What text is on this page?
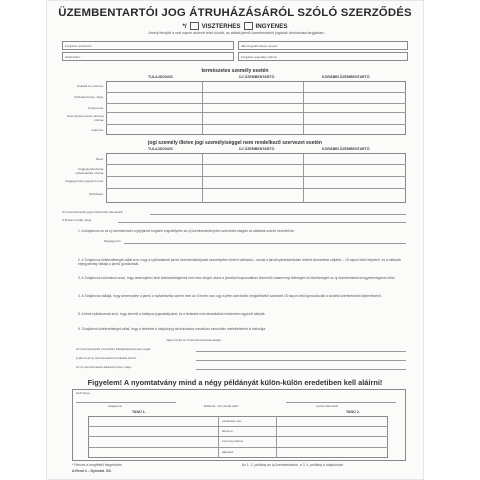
ÜZEMBENTARTÓI JOG ÁTRUHÁZÁSÁRÓL SZÓLÓ SZERZŐDÉS
*/ VISZTERHES INGYENES
Amely létrejött a mai napon alulírott felek között, az alábbi jármű üzembentartói jogának átruházása tárgyában:
Forgalmi rendszám:	Jármű gyártmánya, típusa:
Alvázszám:	Forgalmi engedély száma:
természetes személy esetén
TULAJDONOS	ÚJ ÜZEMBENTARTÓ	KORÁBBI ÜZEMBENTARTÓ
Családi és utóneve:
Születési helye, ideje:
Anyja neve:
Személyazonosító okmány száma:
Lakcíme:
jogi személy illetve jogi személyiséggel nem rendelkező szervezet esetén
TULAJDONOS	ÚJ ÜZEMBENTARTÓ	KORÁBBI ÜZEMBENTARTÓ
Neve:
Cégjegyzékszáma, nyilvántartási száma:
Cégjegyzésre jogosult neve:
Székhelye:
Az üzembentartói jogért fizetendő ellenérték:
A fizetés módja, ideje:
1. A tulajdonos és az új üzembentartó a gépjármű forgalmi engedélyébe az új üzembentartót jelen szerződés alapján az alábbiak szerint vezetteti be:
Megjegyzés:
2. A Tulajdonos kötelezettséget vállal arra, hogy a nyilvántartott jármű üzembentartójának személyében történt változást – annak a járműnyilvántartásban történő átvezetése céljából – 15 napon belül bejelenti, és a változás bejegyzéséig vállalja a jármű gondozását.
3. A Tulajdonos tudomásul veszi, hogy amennyiben fenti kötelezettségének nem tesz eleget, akkor a járművel kapcsolatban felmerülő valamennyi költségért és felelősségért az új üzembentartóval egyetemlegesen felel.
4. A Tulajdonos vállalja, hogy amennyiben a jármű a nyilvántartás szerint nem az ő nevén van, úgy a jelen szerződés megkötésétől számított 15 napon belül gondoskodik a korábbi üzembentartó kijelentéséről.
5. A felek nyilatkoznak arról, hogy ismerik a hatályos jogszabályokat, és a fentieket mint akaratukkal mindenben egyezőt aláírják.
6. Tulajdonos kötelezettséget vállal, hogy a fentieket a tulajdonjog átruházására vonatkozó szerződés mellékleteként is biztosítja.
napon belül az Üzembentartónak átadja.
Az üzembentartói szerződés hatálybalépésének napja:
A jármű az új üzembentartó birtokába került:
Az új üzembentartó aláírása helye, ideje:
Figyelem! A nyomtatvány mind a négy példányát külön-külön eredetiben kell aláírni!
Kelt helye:
tulajdonos	Előttünk, mint tanúk előtt:	új üzembentartó
TANÚ 1.	TANÚ 2.
olvasható név:
lakcíme:
szem.ig.száma:
aláírása:
* Pénzes a megfelelő kiegészítés
A.Rend 4 – Nyomtat. 5/3.
Az 1. 2. példány az új üzembentartóé, a 3. 4. példány a tulajdonosé
